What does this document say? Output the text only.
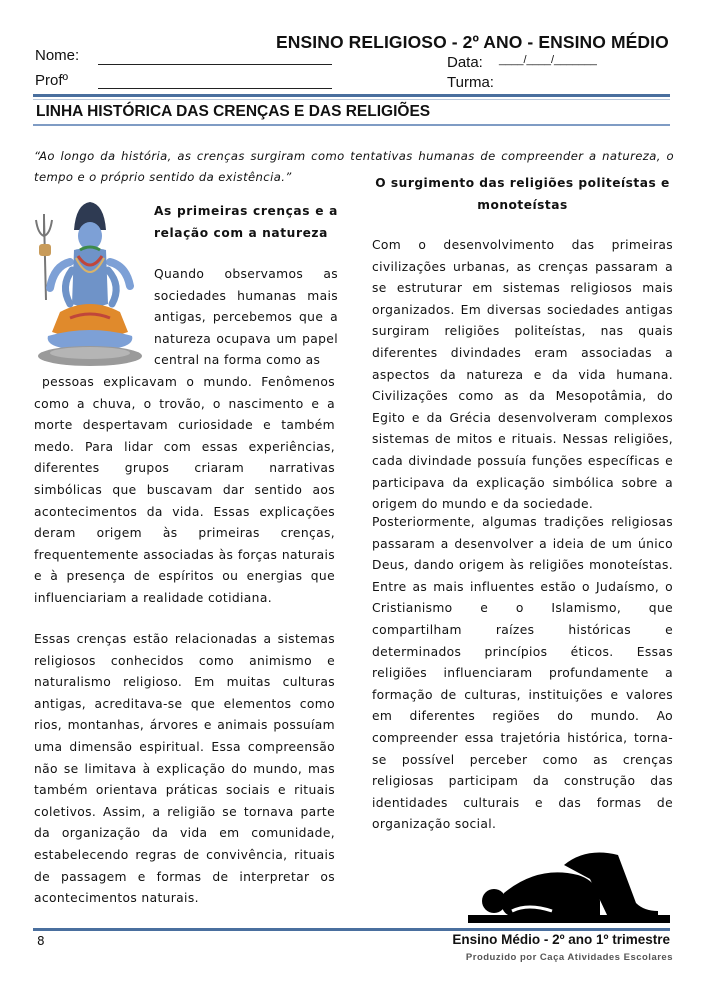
ENSINO RELIGIOSO - 2º ANO - ENSINO MÉDIO
Nome:
Profº
Data: ____/____/_______
Turma:
LINHA HISTÓRICA DAS CRENÇAS E DAS RELIGIÕES
“Ao longo da história, as crenças surgiram como tentativas humanas de compreender a natureza, o tempo e o próprio sentido da existência.”
As primeiras crenças e a
relação com a natureza
Quando observamos as
sociedades humanas mais
antigas, percebemos que a
natureza ocupava um papel
central na forma como as
pessoas explicavam o mundo. Fenômenos como a chuva, o trovão, o nascimento e a morte despertavam curiosidade e também medo. Para lidar com essas experiências, diferentes grupos criaram narrativas simbólicas que buscavam dar sentido aos acontecimentos da vida. Essas explicações deram origem às primeiras crenças, frequentemente associadas às forças naturais e à presença de espíritos ou energias que influenciariam a realidade cotidiana.
Essas crenças estão relacionadas a sistemas religiosos conhecidos como animismo e naturalismo religioso. Em muitas culturas antigas, acreditava-se que elementos como rios, montanhas, árvores e animais possuíam uma dimensão espiritual. Essa compreensão não se limitava à explicação do mundo, mas também orientava práticas sociais e rituais coletivos. Assim, a religião se tornava parte da organização da vida em comunidade, estabelecendo regras de convivência, rituais de passagem e formas de interpretar os acontecimentos naturais.
O surgimento das religiões politeístas e monoteístas
Com o desenvolvimento das primeiras civilizações urbanas, as crenças passaram a se estruturar em sistemas religiosos mais organizados. Em diversas sociedades antigas surgiram religiões politeístas, nas quais diferentes divindades eram associadas a aspectos da natureza e da vida humana. Civilizações como as da Mesopotâmia, do Egito e da Grécia desenvolveram complexos sistemas de mitos e rituais. Nessas religiões, cada divindade possuía funções específicas e participava da explicação simbólica sobre a origem do mundo e da sociedade.
Posteriormente, algumas tradições religiosas passaram a desenvolver a ideia de um único Deus, dando origem às religiões monoteístas. Entre as mais influentes estão o Judaísmo, o Cristianismo e o Islamismo, que compartilham raízes históricas e determinados princípios éticos. Essas religiões influenciaram profundamente a formação de culturas, instituições e valores em diferentes regiões do mundo. Ao compreender essa trajetória histórica, torna-se possível perceber como as crenças religiosas participam da construção das identidades culturais e das formas de organização social.
8	Ensino Médio - 2º ano 1º trimestre
Produzido por Caça Atividades Escolares
